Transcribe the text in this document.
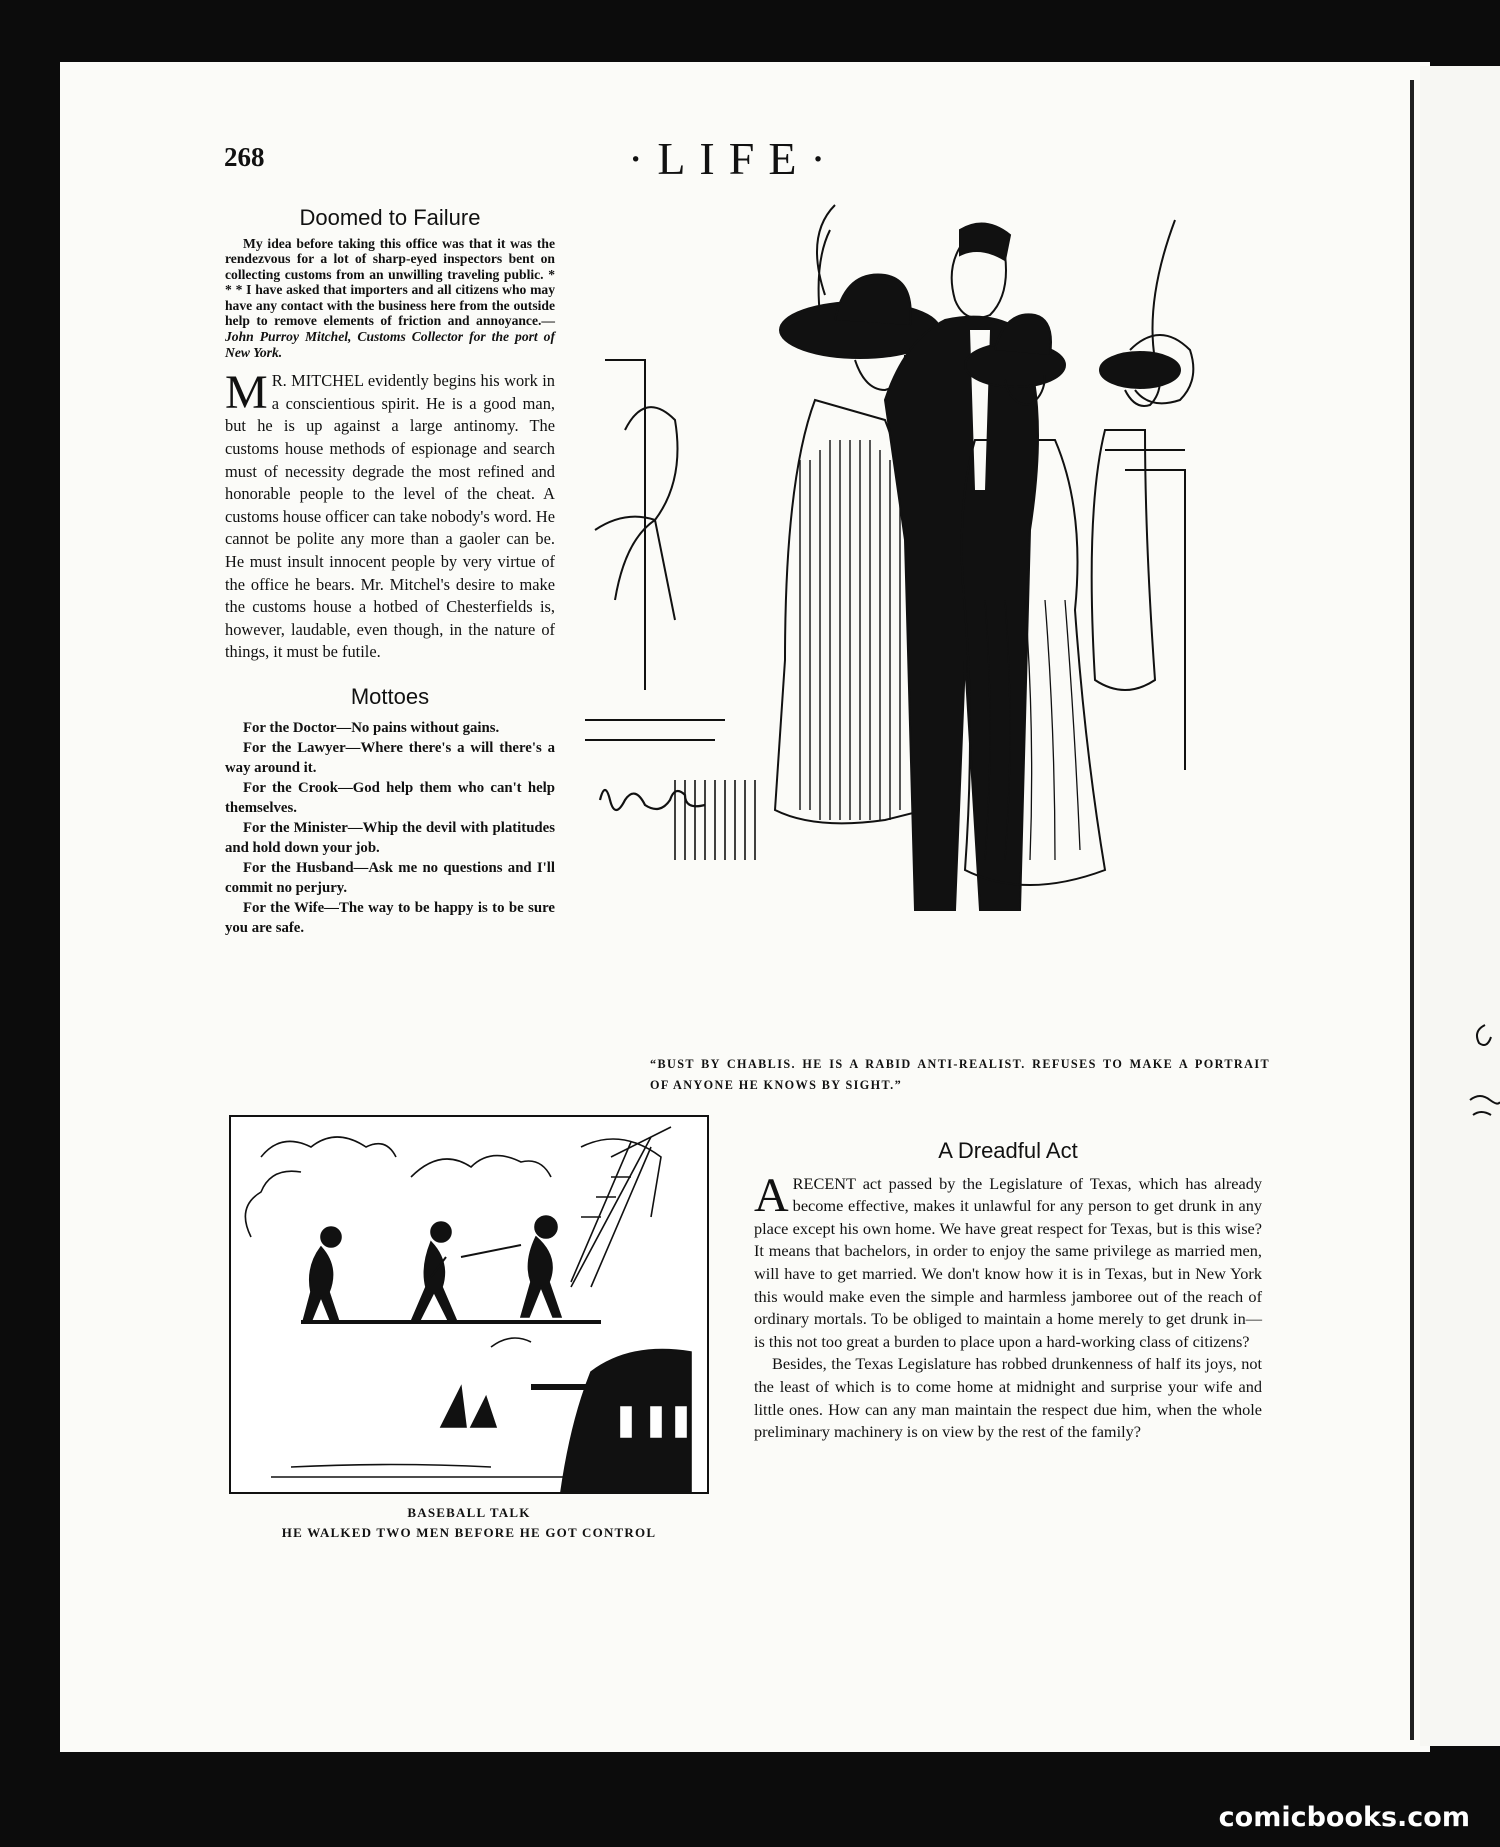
268	·LIFE·
Doomed to Failure

My idea before taking this office was that it was the rendezvous for a lot of sharp-eyed inspectors bent on collecting customs from an unwilling traveling public. * * * I have asked that importers and all citizens who may have any contact with the business here from the outside help to remove elements of friction and annoyance.—John Purroy Mitchel, Customs Collector for the port of New York.

M R. MITCHEL evidently begins his work in a conscientious spirit. He is a good man, but he is up against a large antinomy. The customs house methods of espionage and search must of necessity degrade the most refined and honorable people to the level of the cheat. A customs house officer can take nobody's word. He cannot be polite any more than a gaoler can be. He must insult innocent people by very virtue of the office he bears. Mr. Mitchel's desire to make the customs house a hotbed of Chesterfields is, however, laudable, even though, in the nature of things, it must be futile.

Mottoes

For the Doctor—No pains without gains.

For the Lawyer—Where there's a will there's a way around it.

For the Crook—God help them who can't help themselves.

For the Minister—Whip the devil with platitudes and hold down your job.

For the Husband—Ask me no questions and I'll commit no perjury.

For the Wife—The way to be happy is to be sure you are safe.

“BUST BY CHABLIS. HE IS A RABID ANTI-REALIST. REFUSES TO MAKE A PORTRAIT OF ANYONE HE KNOWS BY SIGHT.”
BASEBALL TALK
HE WALKED TWO MEN BEFORE HE GOT CONTROL
A Dreadful Act

ARECENT act passed by the Legislature of Texas, which has already become effective, makes it unlawful for any person to get drunk in any place except his own home. We have great respect for Texas, but is this wise? It means that bachelors, in order to enjoy the same privilege as married men, will have to get married. We don't know how it is in Texas, but in New York this would make even the simple and harmless jamboree out of the reach of ordinary mortals. To be obliged to maintain a home merely to get drunk in—is this not too great a burden to place upon a hard-working class of citizens?

Besides, the Texas Legislature has robbed drunkenness of half its joys, not the least of which is to come home at midnight and surprise your wife and little ones. How can any man maintain the respect due him, when the whole preliminary machinery is on view by the rest of the family?

comicbooks.com
